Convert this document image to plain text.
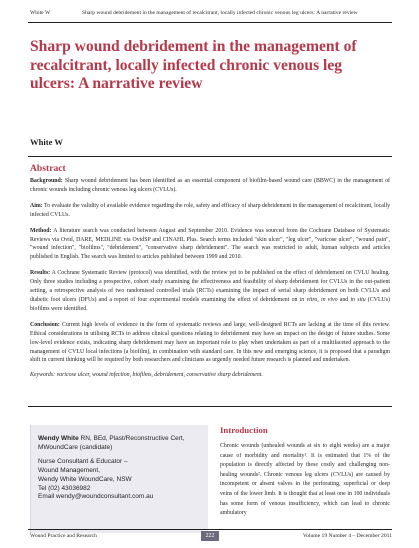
White W	Sharp wound debridement in the management of recalcitrant, locally infected chronic venous leg ulcers: A narrative review
Sharp wound debridement in the management of recalcitrant, locally infected chronic venous leg ulcers: A narrative review
White W
Abstract

Background: Sharp wound debridement has been identified as an essential component of biofilm-based wound care (BBWC) in the management of chronic wounds including chronic venous leg ulcers (CVLUs).

Aim: To evaluate the validity of available evidence regarding the role, safety and efficacy of sharp debridement in the management of recalcitrant, locally infected CVLUs.

Method: A literature search was conducted between August and September 2010. Evidence was sourced from the Cochrane Database of Systematic Reviews via Ovid, DARE, MEDLINE via OvidSP and CINAHL Plus. Search terms included "skin ulcer", "leg ulcer", "varicose ulcer", "wound pain", "wound infection", "biofilms", "debridement", "conservative sharp debridement". The search was restricted to adult, human subjects and articles published in English. The search was limited to articles published between 1999 and 2010.

Results: A Cochrane Systematic Review (protocol) was identified, with the review yet to be published on the effect of debridement on CVLU healing. Only three studies including a prospective, cohort study examining the effectiveness and feasibility of sharp debridement for CVLUs in the out-patient setting, a retrospective analysis of two randomised controlled trials (RCTs) examining the impact of serial sharp debridement on both CVLUs and diabetic foot ulcers (DFUs) and a report of four experimental models examining the effect of debridement on in vitro, in vivo and in situ (CVLUs) biofilms were identified.

Conclusion: Current high levels of evidence in the form of systematic reviews and large, well-designed RCTs are lacking at the time of this review. Ethical considerations in utilising RCTs to address clinical questions relating to debridement may have an impact on the design of future studies. Some low-level evidence exists, indicating sharp debridement may have an important role to play when undertaken as part of a multifaceted approach to the management of CVLU local infections (a biofilm), in combination with standard care. In this new and emerging science, it is proposed that a paradigm shift in current thinking will be required by both researchers and clinicians as urgently needed future research is planned and undertaken.

Keywords: varicose ulcer, wound infection, biofilms, debridement, conservative sharp debridement.

Wendy White RN, BEd, Plast/Reconstructive Cert,
MWoundCare (candidate)
Nurse Consultant & Educator –
Wound Management,
Wendy White WoundCare, NSW
Tel (02) 43036982
Email wendy@woundconsultant.com.au
Introduction

Chronic wounds (unhealed wounds at six to eight weeks) are a major cause of morbidity and mortality¹. It is estimated that 1% of the population is directly affected by these costly and challenging non-healing wounds². Chronic venous leg ulcers (CVLUs) are caused by incompetent or absent valves in the perforating, superficial or deep veins of the lower limb. It is thought that at least one in 100 individuals has some form of venous insufficiency, which can lead to chronic ambulatory

Wound Practice and Research	222	Volume 19 Number 4 – December 2011
